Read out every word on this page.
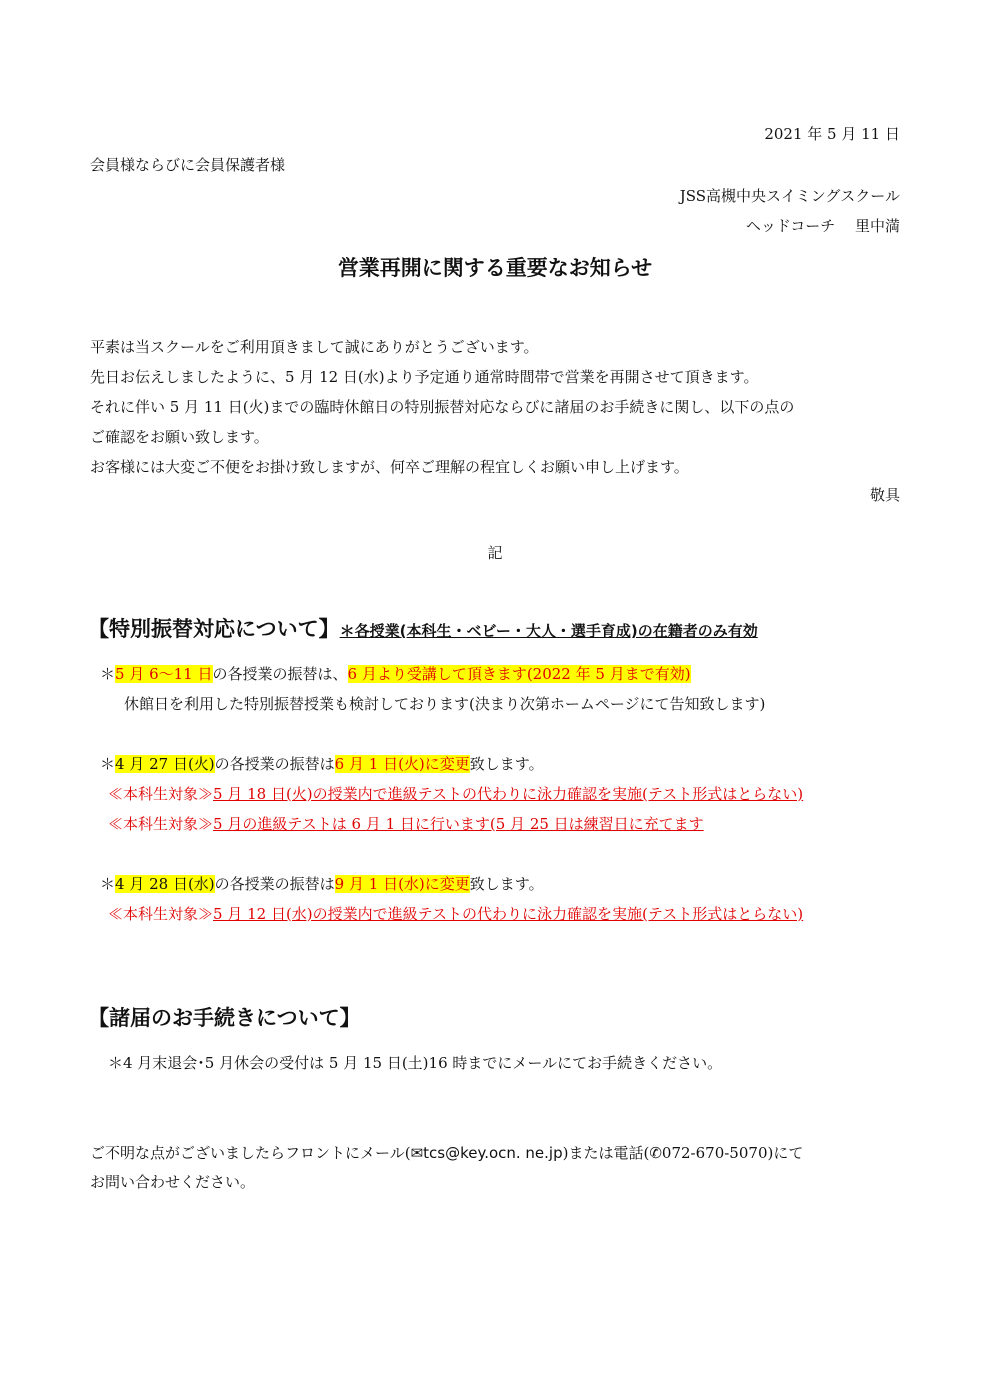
2021 年 5 月 11 日
会員様ならびに会員保護者様
JSS高槻中央スイミングスクール
ヘッドコーチ　 里中満
営業再開に関する重要なお知らせ
平素は当スクールをご利用頂きまして誠にありがとうございます。
先日お伝えしましたように、5 月 12 日(水)より予定通り通常時間帯で営業を再開させて頂きます。
それに伴い 5 月 11 日(火)までの臨時休館日の特別振替対応ならびに諸届のお手続きに関し、以下の点の
ご確認をお願い致します。
お客様には大変ご不便をお掛け致しますが、何卒ご理解の程宜しくお願い申し上げます。
敬具
記
【特別振替対応について】＊各授業(本科生・ベビー・大人・選手育成)の在籍者のみ有効
＊5 月 6〜11 日の各授業の振替は、6 月より受講して頂きます(2022 年 5 月まで有効)
休館日を利用した特別振替授業も検討しております(決まり次第ホームページにて告知致します)
＊4 月 27 日(火)の各授業の振替は6 月 1 日(火)に変更致します。
≪本科生対象≫5 月 18 日(火)の授業内で進級テストの代わりに泳力確認を実施(テスト形式はとらない)
≪本科生対象≫5 月の進級テストは 6 月 1 日に行います(5 月 25 日は練習日に充てます
＊4 月 28 日(水)の各授業の振替は9 月 1 日(水)に変更致します。
≪本科生対象≫5 月 12 日(水)の授業内で進級テストの代わりに泳力確認を実施(テスト形式はとらない)
【諸届のお手続きについて】
＊4 月末退会･5 月休会の受付は 5 月 15 日(土)16 時までにメールにてお手続きください。
ご不明な点がございましたらフロントにメール(✉tcs@key.ocn. ne.jp)または電話(✆072-670-5070)にて
お問い合わせください。
